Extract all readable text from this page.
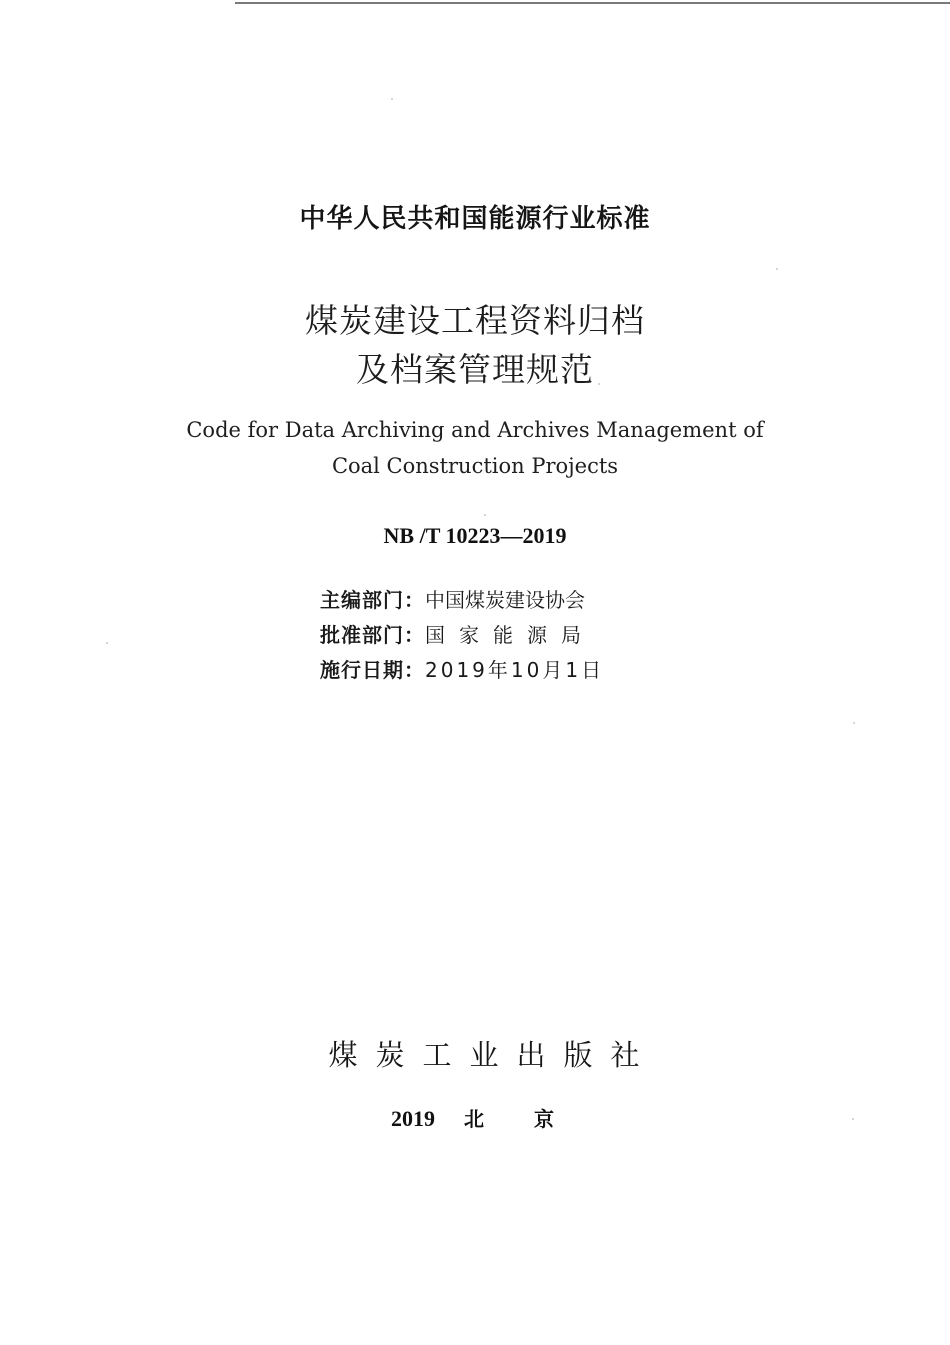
中华人民共和国能源行业标准
煤炭建设工程资料归档
及档案管理规范
Code for Data Archiving and Archives Management of
Coal Construction Projects
NB /T 10223—2019
主编部门：中国煤炭建设协会
批准部门：国家能源局
施行日期：2019年10月1日
煤炭工业出版社
2019 北京
